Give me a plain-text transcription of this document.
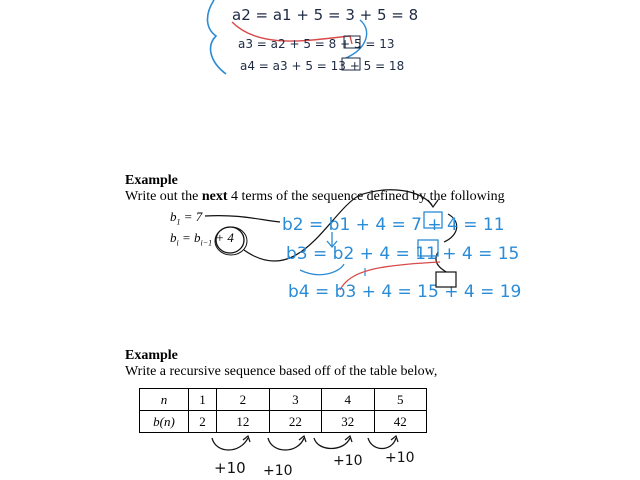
a2 = a1 + 5 = 3 + 5 = 8
a3 = a2 + 5 = 8 + 5 = 13
a4 = a3 + 5 = 13 + 5 = 18
Example
Write out the next 4 terms of the sequence defined by the following
$b_1 = 7$
$b_i = b_{i-1} + 4$
b2 = b1 + 4 = 7 + 4 = 11
b3 = b2 + 4 = 11 + 4 = 15
b4 = b3 + 4 = 15 + 4 = 19
Example
Write a recursive sequence based off of the table below,
n	1	2	3	4	5
b(n)	2	12	22	32	42
+10 +10
+10 +10
